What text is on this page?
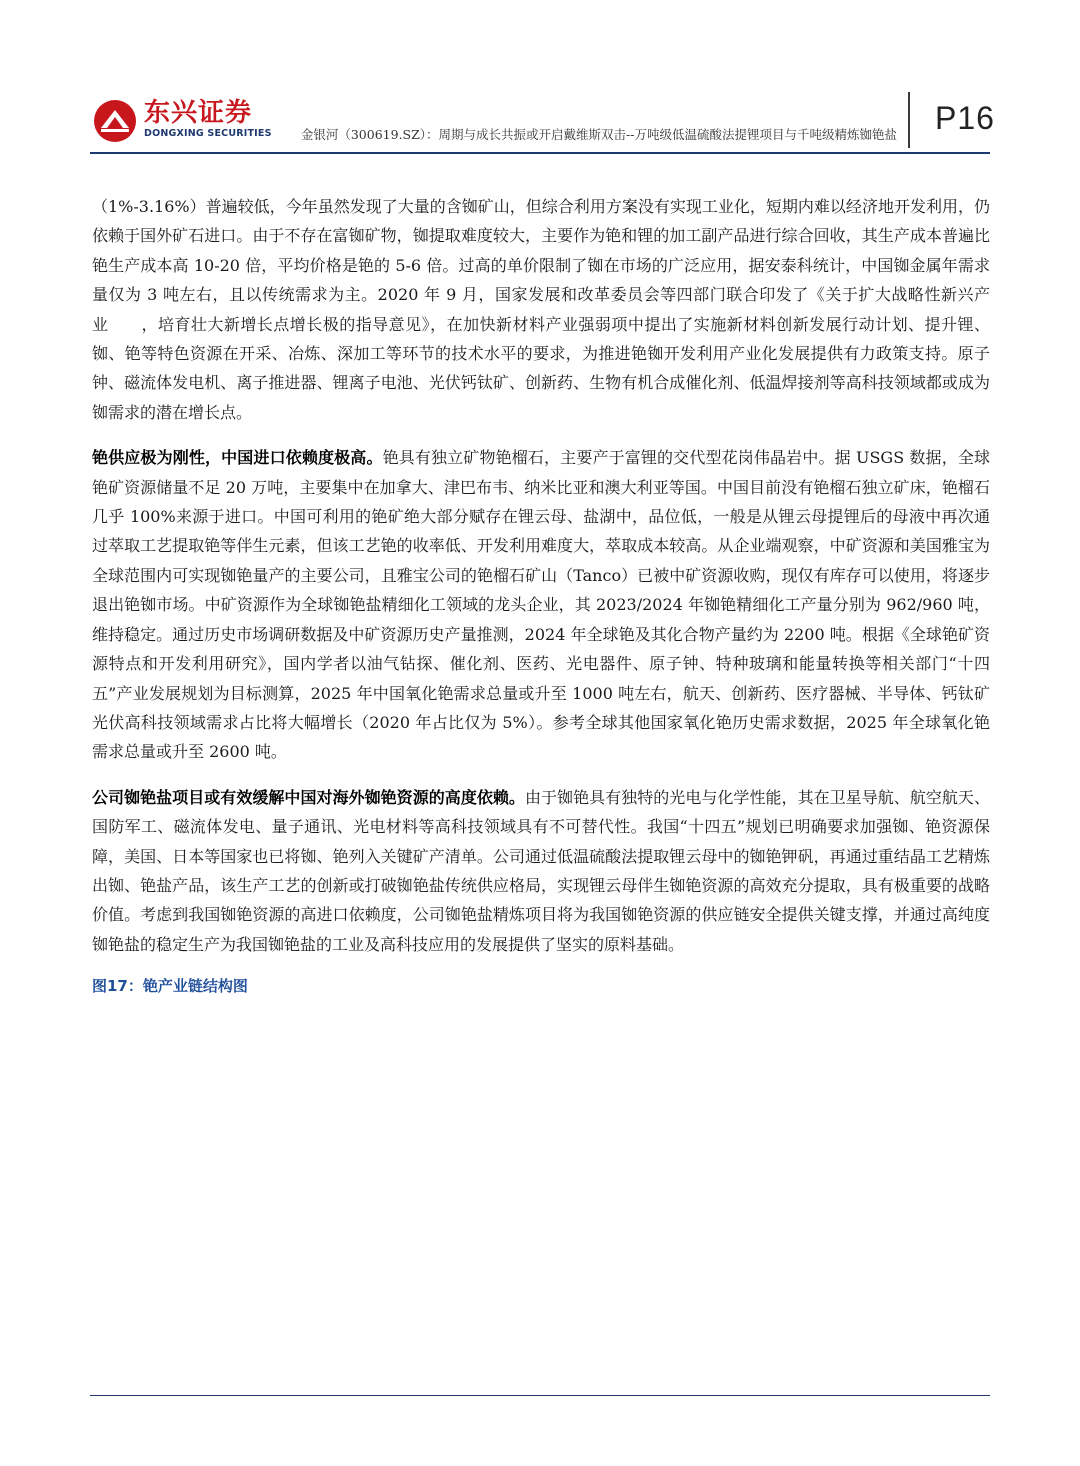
东兴证券
DONGXING SECURITIES 金银河（300619.SZ）：周期与成长共振或开启戴维斯双击--万吨级低温硫酸法提锂项目与千吨级精炼铷铯盐 P16

（1%-3.16%）普遍较低，今年虽然发现了大量的含铷矿山，但综合利用方案没有实现工业化，短期内难以经济地开发利用，仍依赖于国外矿石进口。由于不存在富铷矿物，铷提取难度较大，主要作为铯和锂的加工副产品进行综合回收，其生产成本普遍比铯生产成本高 10-20 倍，平均价格是铯的 5-6 倍。过高的单价限制了铷在市场的广泛应用，据安泰科统计，中国铷金属年需求量仅为 3 吨左右，且以传统需求为主。2020 年 9 月，国家发展和改革委员会等四部门联合印发了《关于扩大战略性新兴产业　　，培育壮大新增长点增长极的指导意见》，在加快新材料产业强弱项中提出了实施新材料创新发展行动计划、提升锂、铷、铯等特色资源在开采、冶炼、深加工等环节的技术水平的要求，为推进铯铷开发利用产业化发展提供有力政策支持。原子钟、磁流体发电机、离子推进器、锂离子电池、光伏钙钛矿、创新药、生物有机合成催化剂、低温焊接剂等高科技领域都或成为铷需求的潜在增长点。

铯供应极为刚性，中国进口依赖度极高。铯具有独立矿物铯榴石，主要产于富锂的交代型花岗伟晶岩中。据 USGS 数据，全球铯矿资源储量不足 20 万吨，主要集中在加拿大、津巴布韦、纳米比亚和澳大利亚等国。中国目前没有铯榴石独立矿床，铯榴石几乎 100%来源于进口。中国可利用的铯矿绝大部分赋存在锂云母、盐湖中，品位低，一般是从锂云母提锂后的母液中再次通过萃取工艺提取铯等伴生元素，但该工艺铯的收率低、开发利用难度大，萃取成本较高。从企业端观察，中矿资源和美国雅宝为全球范围内可实现铷铯量产的主要公司，且雅宝公司的铯榴石矿山（Tanco）已被中矿资源收购，现仅有库存可以使用，将逐步退出铯铷市场。中矿资源作为全球铷铯盐精细化工领域的龙头企业，其 2023/2024 年铷铯精细化工产量分别为 962/960 吨，维持稳定。通过历史市场调研数据及中矿资源历史产量推测，2024 年全球铯及其化合物产量约为 2200 吨。根据《全球铯矿资源特点和开发利用研究》，国内学者以油气钻探、催化剂、医药、光电器件、原子钟、特种玻璃和能量转换等相关部门“十四五”产业发展规划为目标测算，2025 年中国氧化铯需求总量或升至 1000 吨左右，航天、创新药、医疗器械、半导体、钙钛矿光伏高科技领域需求占比将大幅增长（2020 年占比仅为 5%）。参考全球其他国家氧化铯历史需求数据，2025 年全球氧化铯需求总量或升至 2600 吨。

公司铷铯盐项目或有效缓解中国对海外铷铯资源的高度依赖。由于铷铯具有独特的光电与化学性能，其在卫星导航、航空航天、国防军工、磁流体发电、量子通讯、光电材料等高科技领域具有不可替代性。我国“十四五”规划已明确要求加强铷、铯资源保障，美国、日本等国家也已将铷、铯列入关键矿产清单。公司通过低温硫酸法提取锂云母中的铷铯钾矾，再通过重结晶工艺精炼出铷、铯盐产品，该生产工艺的创新或打破铷铯盐传统供应格局，实现锂云母伴生铷铯资源的高效充分提取，具有极重要的战略价值。考虑到我国铷铯资源的高进口依赖度，公司铷铯盐精炼项目将为我国铷铯资源的供应链安全提供关键支撑，并通过高纯度铷铯盐的稳定生产为我国铷铯盐的工业及高科技应用的发展提供了坚实的原料基础。

图17：铯产业链结构图
